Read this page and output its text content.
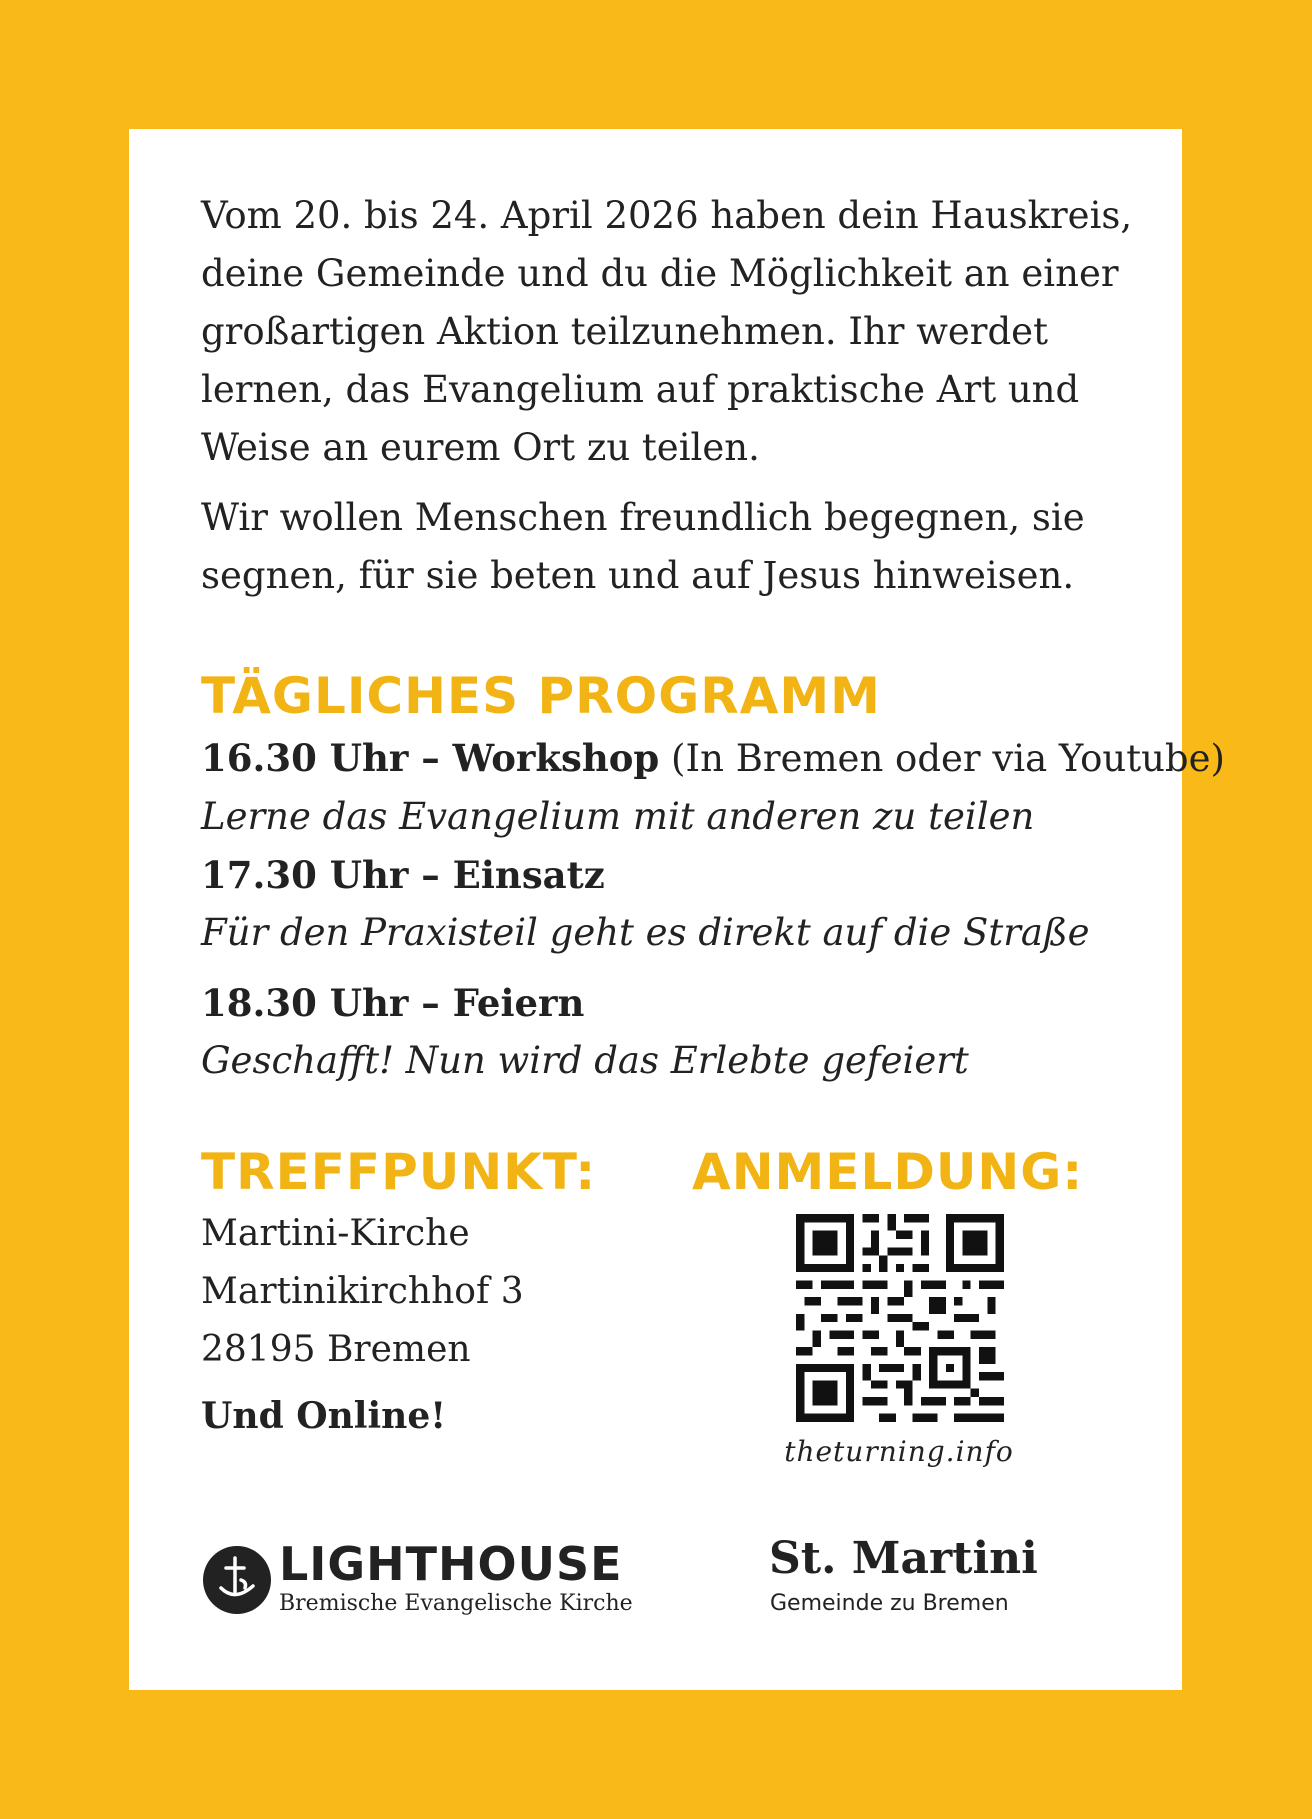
Vom 20. bis 24. April 2026 haben dein Hauskreis, deine Gemeinde und du die Möglichkeit an einer großartigen Aktion teilzunehmen. Ihr werdet lernen, das Evangelium auf praktische Art und Weise an eurem Ort zu teilen.

Wir wollen Menschen freundlich begegnen, sie segnen, für sie beten und auf Jesus hinweisen.

TÄGLICHES PROGRAMM
16.30 Uhr – Workshop (In Bremen oder via Youtube)
Lerne das Evangelium mit anderen zu teilen
17.30 Uhr – Einsatz
Für den Praxisteil geht es direkt auf die Straße
18.30 Uhr – Feiern
Geschafft! Nun wird das Erlebte gefeiert
TREFFPUNKT: ANMELDUNG:
Martini-Kirche
Martinikirchhof 3
28195 Bremen
Und Online!
theturning.info
LIGHTHOUSE
Bremische Evangelische Kirche
St. Martini
Gemeinde zu Bremen
